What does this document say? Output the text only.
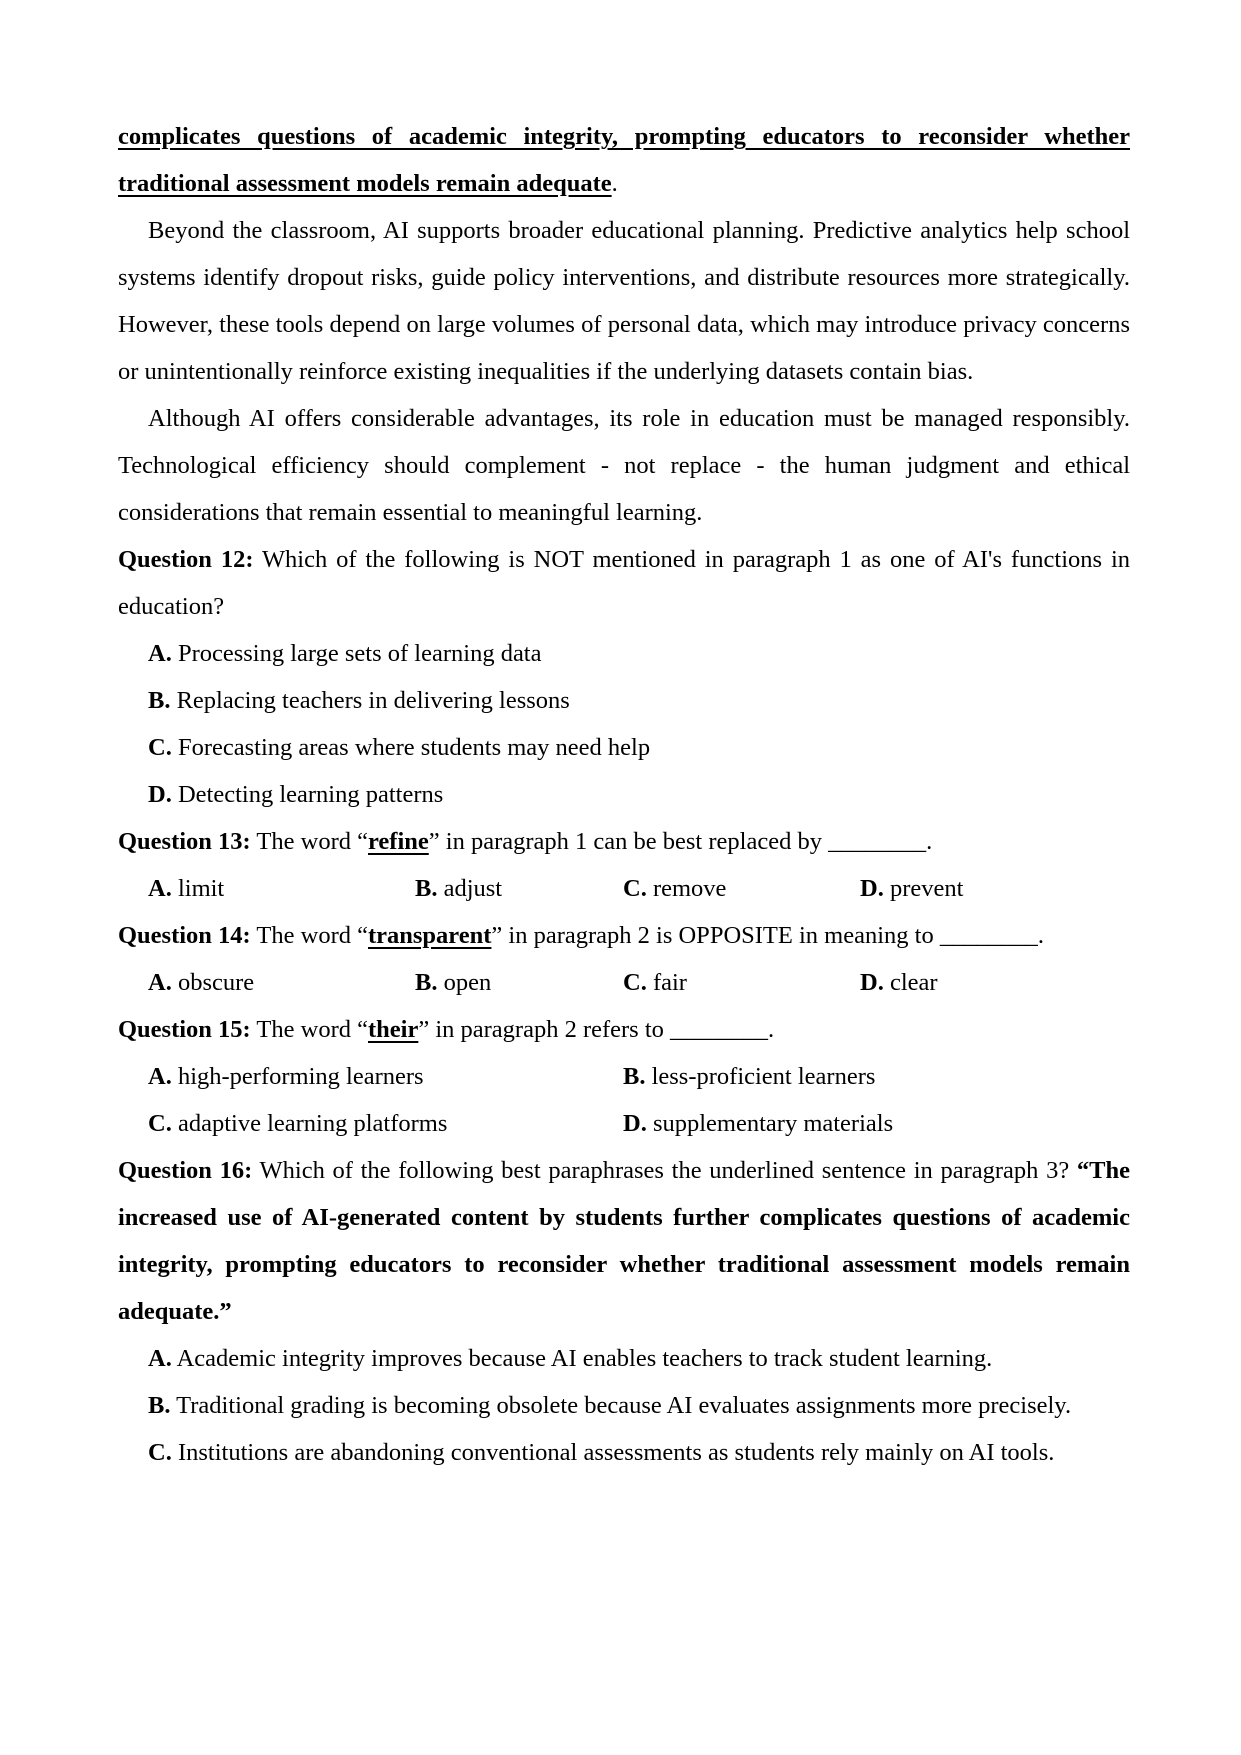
complicates questions of academic integrity, prompting educators to reconsider whether traditional assessment models remain adequate.

Beyond the classroom, AI supports broader educational planning. Predictive analytics help school systems identify dropout risks, guide policy interventions, and distribute resources more strategically. However, these tools depend on large volumes of personal data, which may introduce privacy concerns or unintentionally reinforce existing inequalities if the underlying datasets contain bias.

Although AI offers considerable advantages, its role in education must be managed responsibly. Technological efficiency should complement - not replace - the human judgment and ethical considerations that remain essential to meaningful learning.

Question 12: Which of the following is NOT mentioned in paragraph 1 as one of AI's functions in education?

A. Processing large sets of learning data
B. Replacing teachers in delivering lessons
C. Forecasting areas where students may need help
D. Detecting learning patterns

Question 13: The word “refine” in paragraph 1 can be best replaced by ________.

A. limit	B. adjust	C. remove	D. prevent

Question 14: The word “transparent” in paragraph 2 is OPPOSITE in meaning to ________.

A. obscure	B. open	C. fair	D. clear

Question 15: The word “their” in paragraph 2 refers to ________.

A. high-performing learners	B. less-proficient learners
C. adaptive learning platforms	D. supplementary materials

Question 16: Which of the following best paraphrases the underlined sentence in paragraph 3? “The increased use of AI-generated content by students further complicates questions of academic integrity, prompting educators to reconsider whether traditional assessment models remain adequate.”

A. Academic integrity improves because AI enables teachers to track student learning.
B. Traditional grading is becoming obsolete because AI evaluates assignments more precisely.
C. Institutions are abandoning conventional assessments as students rely mainly on AI tools.
